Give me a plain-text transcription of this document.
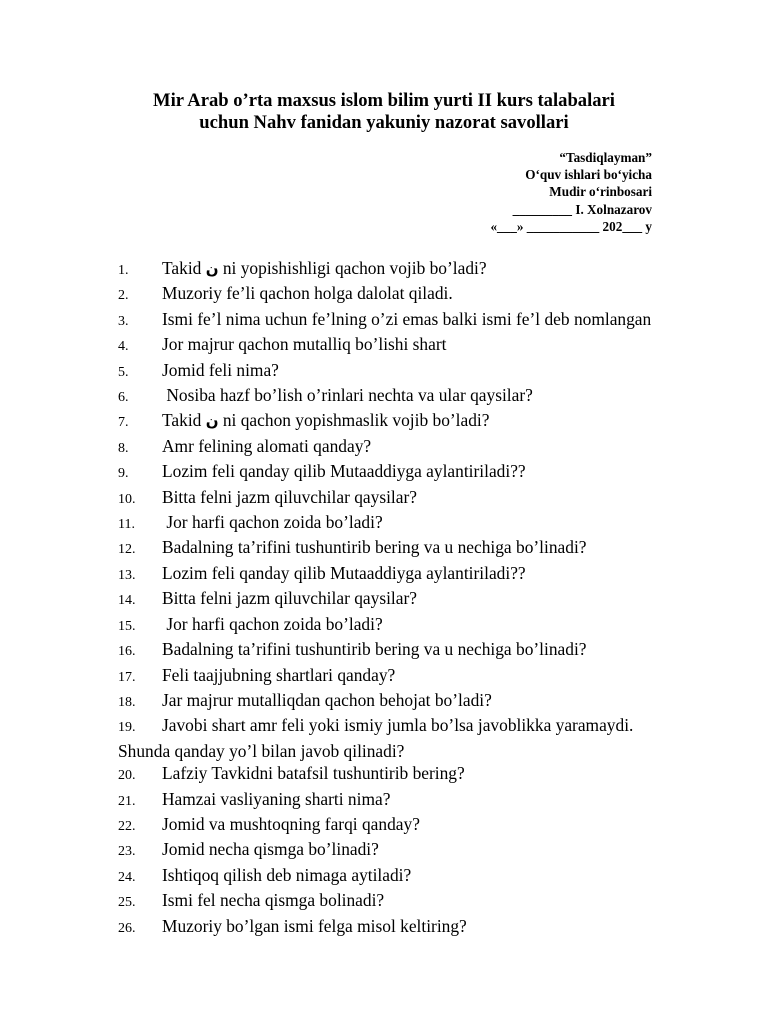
Mir Arab o’rta maxsus islom bilim yurti II kurs talabalari
uchun Nahv fanidan yakuniy nazorat savollari
“Tasdiqlayman”
O‘quv ishlari bo‘yicha
Mudir o‘rinbosari
_________ I. Xolnazarov
«___» ___________ 202___ y
1. Takid ن ni yopishishligi qachon vojib bo’ladi?
2. Muzoriy fe’li qachon holga dalolat qiladi.
3. Ismi fe’l nima uchun fe’lning o’zi emas balki ismi fe’l deb nomlangan
4. Jor majrur qachon mutalliq bo’lishi shart
5. Jomid feli nima?
6. Nosiba hazf bo’lish o’rinlari nechta va ular qaysilar?
7. Takid ن ni qachon yopishmaslik vojib bo’ladi?
8. Amr felining alomati qanday?
9. Lozim feli qanday qilib Mutaaddiyga aylantiriladi??
10. Bitta felni jazm qiluvchilar qaysilar?
11. Jor harfi qachon zoida bo’ladi?
12. Badalning ta’rifini tushuntirib bering va u nechiga bo’linadi?
13. Lozim feli qanday qilib Mutaaddiyga aylantiriladi??
14. Bitta felni jazm qiluvchilar qaysilar?
15. Jor harfi qachon zoida bo’ladi?
16. Badalning ta’rifini tushuntirib bering va u nechiga bo’linadi?
17. Feli taajjubning shartlari qanday?
18. Jar majrur mutalliqdan qachon behojat bo’ladi?
19. Javobi shart amr feli yoki ismiy jumla bo’lsa javoblikka yaramaydi. Shunda qanday yo’l bilan javob qilinadi?
20. Lafziy Tavkidni batafsil tushuntirib bering?
21. Hamzai vasliyaning sharti nima?
22. Jomid va mushtoqning farqi qanday?
23. Jomid necha qismga bo’linadi?
24. Ishtiqoq qilish deb nimaga aytiladi?
25. Ismi fel necha qismga bolinadi?
26. Muzoriy bo’lgan ismi felga misol keltiring?
